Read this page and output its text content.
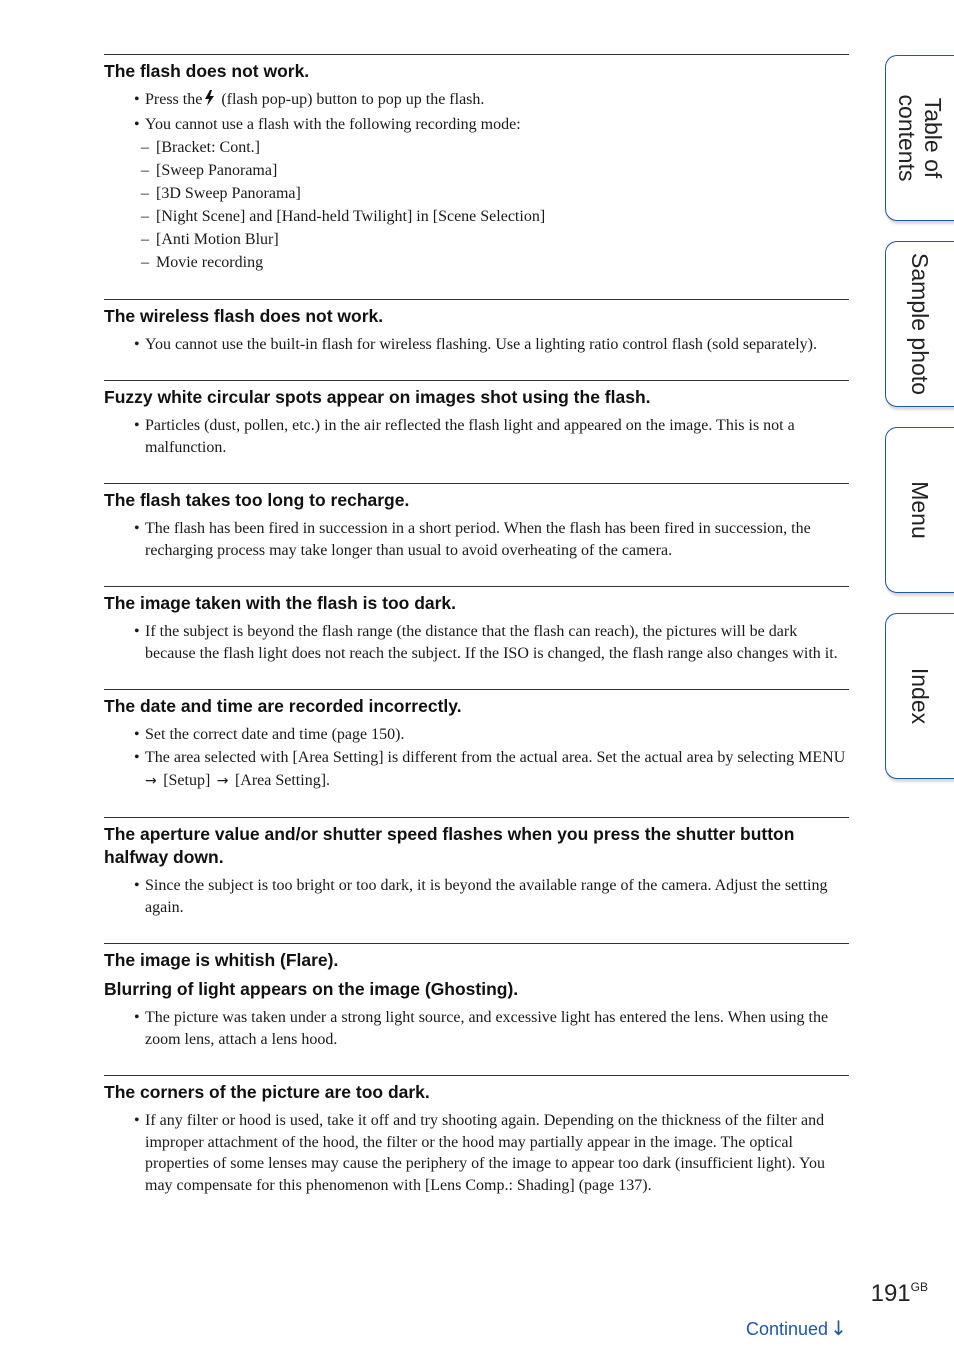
The flash does not work.
• Press the (flash pop-up) button to pop up the flash.
• You cannot use a flash with the following recording mode:
– [Bracket: Cont.]
– [Sweep Panorama]
– [3D Sweep Panorama]
– [Night Scene] and [Hand-held Twilight] in [Scene Selection]
– [Anti Motion Blur]
– Movie recording
The wireless flash does not work.
• You cannot use the built-in flash for wireless flashing. Use a lighting ratio control flash (sold separately).
Fuzzy white circular spots appear on images shot using the flash.
• Particles (dust, pollen, etc.) in the air reflected the flash light and appeared on the image. This is not a malfunction.
The flash takes too long to recharge.
• The flash has been fired in succession in a short period. When the flash has been fired in succession, the recharging process may take longer than usual to avoid overheating of the camera.
The image taken with the flash is too dark.
• If the subject is beyond the flash range (the distance that the flash can reach), the pictures will be dark because the flash light does not reach the subject. If the ISO is changed, the flash range also changes with it.
The date and time are recorded incorrectly.
• Set the correct date and time (page 150).
• The area selected with [Area Setting] is different from the actual area. Set the actual area by selecting MENU → [Setup] → [Area Setting].
The aperture value and/or shutter speed flashes when you press the shutter button halfway down.
• Since the subject is too bright or too dark, it is beyond the available range of the camera. Adjust the setting again.
The image is whitish (Flare).
Blurring of light appears on the image (Ghosting).
• The picture was taken under a strong light source, and excessive light has entered the lens. When using the zoom lens, attach a lens hood.
The corners of the picture are too dark.
• If any filter or hood is used, take it off and try shooting again. Depending on the thickness of the filter and improper attachment of the hood, the filter or the hood may partially appear in the image. The optical properties of some lenses may cause the periphery of the image to appear too dark (insufficient light). You may compensate for this phenomenon with [Lens Comp.: Shading] (page 137).
Table of
contents
Sample photo
Menu
Index
$191^{GB}$
Continued ↓
